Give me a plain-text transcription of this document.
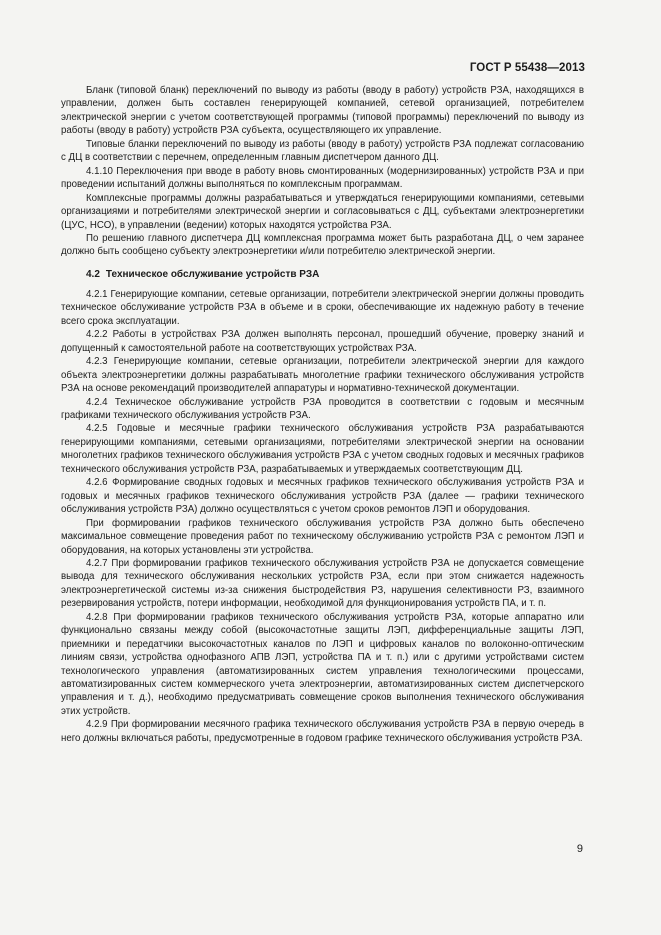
ГОСТ Р 55438—2013

Бланк (типовой бланк) переключений по выводу из работы (вводу в работу) устройств РЗА, находящихся в управлении, должен быть составлен генерирующей компанией, сетевой организацией, потребителем электрической энергии с учетом соответствующей программы (типовой программы) переключений по выводу из работы (вводу в работу) устройств РЗА субъекта, осуществляющего их управление.

Типовые бланки переключений по выводу из работы (вводу в работу) устройств РЗА подлежат согласованию с ДЦ в соответствии с перечнем, определенным главным диспетчером данного ДЦ.

4.1.10 Переключения при вводе в работу вновь смонтированных (модернизированных) устройств РЗА и при проведении испытаний должны выполняться по комплексным программам.

Комплексные программы должны разрабатываться и утверждаться генерирующими компаниями, сетевыми организациями и потребителями электрической энергии и согласовываться с ДЦ, субъектами электроэнергетики (ЦУС, НСО), в управлении (ведении) которых находятся устройства РЗА.

По решению главного диспетчера ДЦ комплексная программа может быть разработана ДЦ, о чем заранее должно быть сообщено субъекту электроэнергетики и/или потребителю электрической энергии.

4.2 Техническое обслуживание устройств РЗА

4.2.1 Генерирующие компании, сетевые организации, потребители электрической энергии должны проводить техническое обслуживание устройств РЗА в объеме и в сроки, обеспечивающие их надежную работу в течение всего срока эксплуатации.

4.2.2 Работы в устройствах РЗА должен выполнять персонал, прошедший обучение, проверку знаний и допущенный к самостоятельной работе на соответствующих устройствах РЗА.

4.2.3 Генерирующие компании, сетевые организации, потребители электрической энергии для каждого объекта электроэнергетики должны разрабатывать многолетние графики технического обслуживания устройств РЗА на основе рекомендаций производителей аппаратуры и нормативно-технической документации.

4.2.4 Техническое обслуживание устройств РЗА проводится в соответствии с годовым и месячным графиками технического обслуживания устройств РЗА.

4.2.5 Годовые и месячные графики технического обслуживания устройств РЗА разрабатываются генерирующими компаниями, сетевыми организациями, потребителями электрической энергии на основании многолетних графиков технического обслуживания устройств РЗА с учетом сводных годовых и месячных графиков технического обслуживания устройств РЗА, разрабатываемых и утверждаемых соответствующим ДЦ.

4.2.6 Формирование сводных годовых и месячных графиков технического обслуживания устройств РЗА и годовых и месячных графиков технического обслуживания устройств РЗА (далее — графики технического обслуживания устройств РЗА) должно осуществляться с учетом сроков ремонтов ЛЭП и оборудования.

При формировании графиков технического обслуживания устройств РЗА должно быть обеспечено максимальное совмещение проведения работ по техническому обслуживанию устройств РЗА с ремонтом ЛЭП и оборудования, на которых установлены эти устройства.

4.2.7 При формировании графиков технического обслуживания устройств РЗА не допускается совмещение вывода для технического обслуживания нескольких устройств РЗА, если при этом снижается надежность электроэнергетической системы из-за снижения быстродействия РЗ, нарушения селективности РЗ, взаимного резервирования устройств, потери информации, необходимой для функционирования устройств ПА, и т. п.

4.2.8 При формировании графиков технического обслуживания устройств РЗА, которые аппаратно или функционально связаны между собой (высокочастотные защиты ЛЭП, дифференциальные защиты ЛЭП, приемники и передатчики высокочастотных каналов по ЛЭП и цифровых каналов по волоконно-оптическим линиям связи, устройства однофазного АПВ ЛЭП, устройства ПА и т. п.) или с другими устройствами систем технологического управления (автоматизированных систем управления технологическими процессами, автоматизированных систем коммерческого учета электроэнергии, автоматизированных систем диспетчерского управления и т. д.), необходимо предусматривать совмещение сроков выполнения технического обслуживания этих устройств.

4.2.9 При формировании месячного графика технического обслуживания устройств РЗА в первую очередь в него должны включаться работы, предусмотренные в годовом графике технического обслуживания устройств РЗА.

9
